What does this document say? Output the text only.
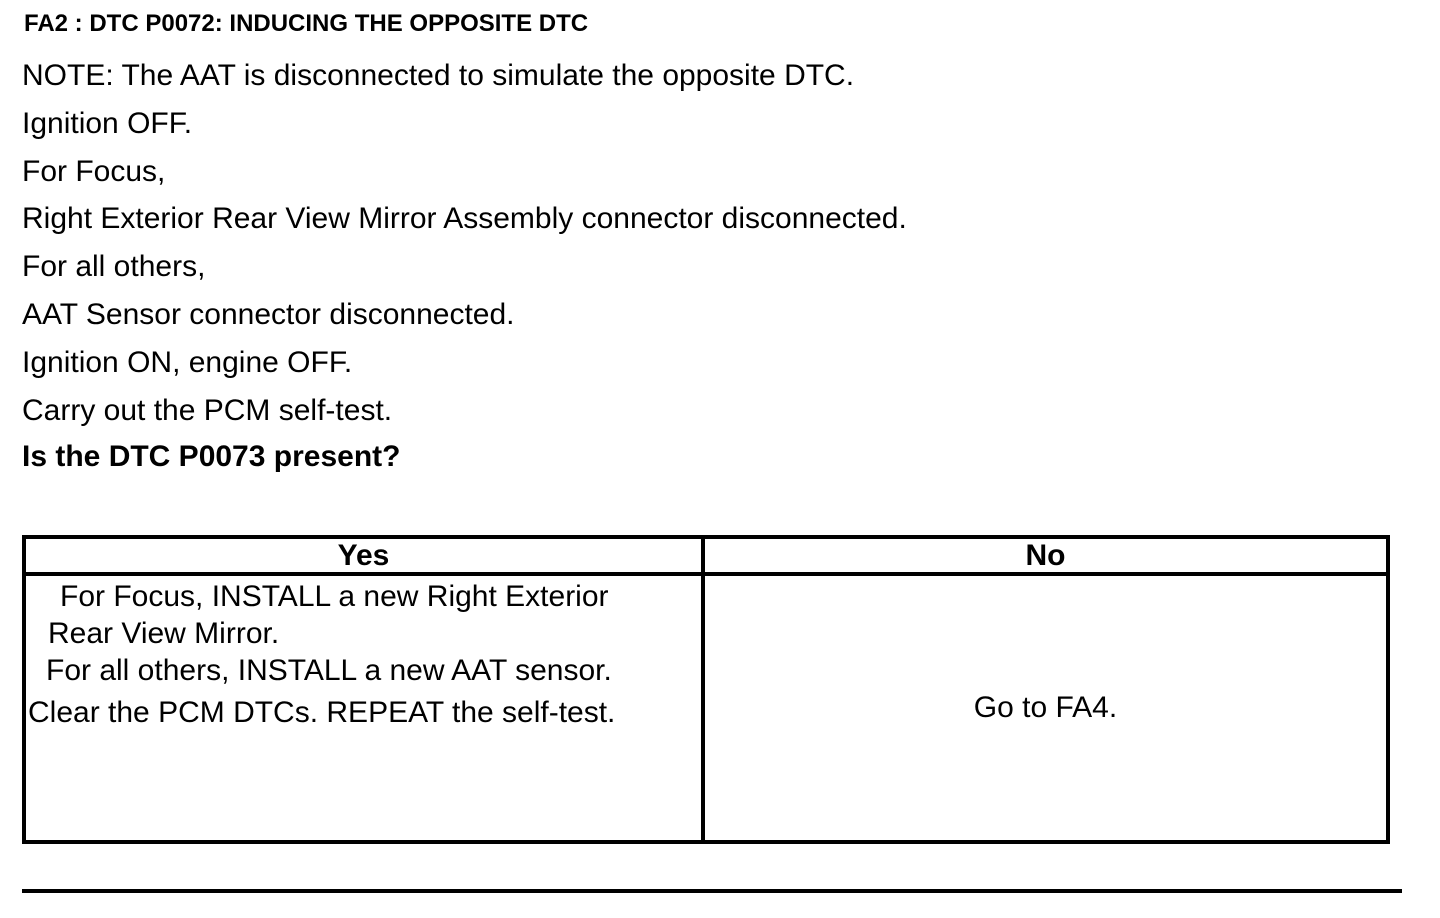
FA2 : DTC P0072: INDUCING THE OPPOSITE DTC
NOTE: The AAT is disconnected to simulate the opposite DTC.
Ignition OFF.
For Focus,
Right Exterior Rear View Mirror Assembly connector disconnected.
For all others,
AAT Sensor connector disconnected.
Ignition ON, engine OFF.
Carry out the PCM self-test.
Is the DTC P0073 present?
Yes	No
For Focus, INSTALL a new Right Exterior
Rear View Mirror.
For all others, INSTALL a new AAT sensor.
Clear the PCM DTCs. REPEAT the self-test.	Go to FA4.
